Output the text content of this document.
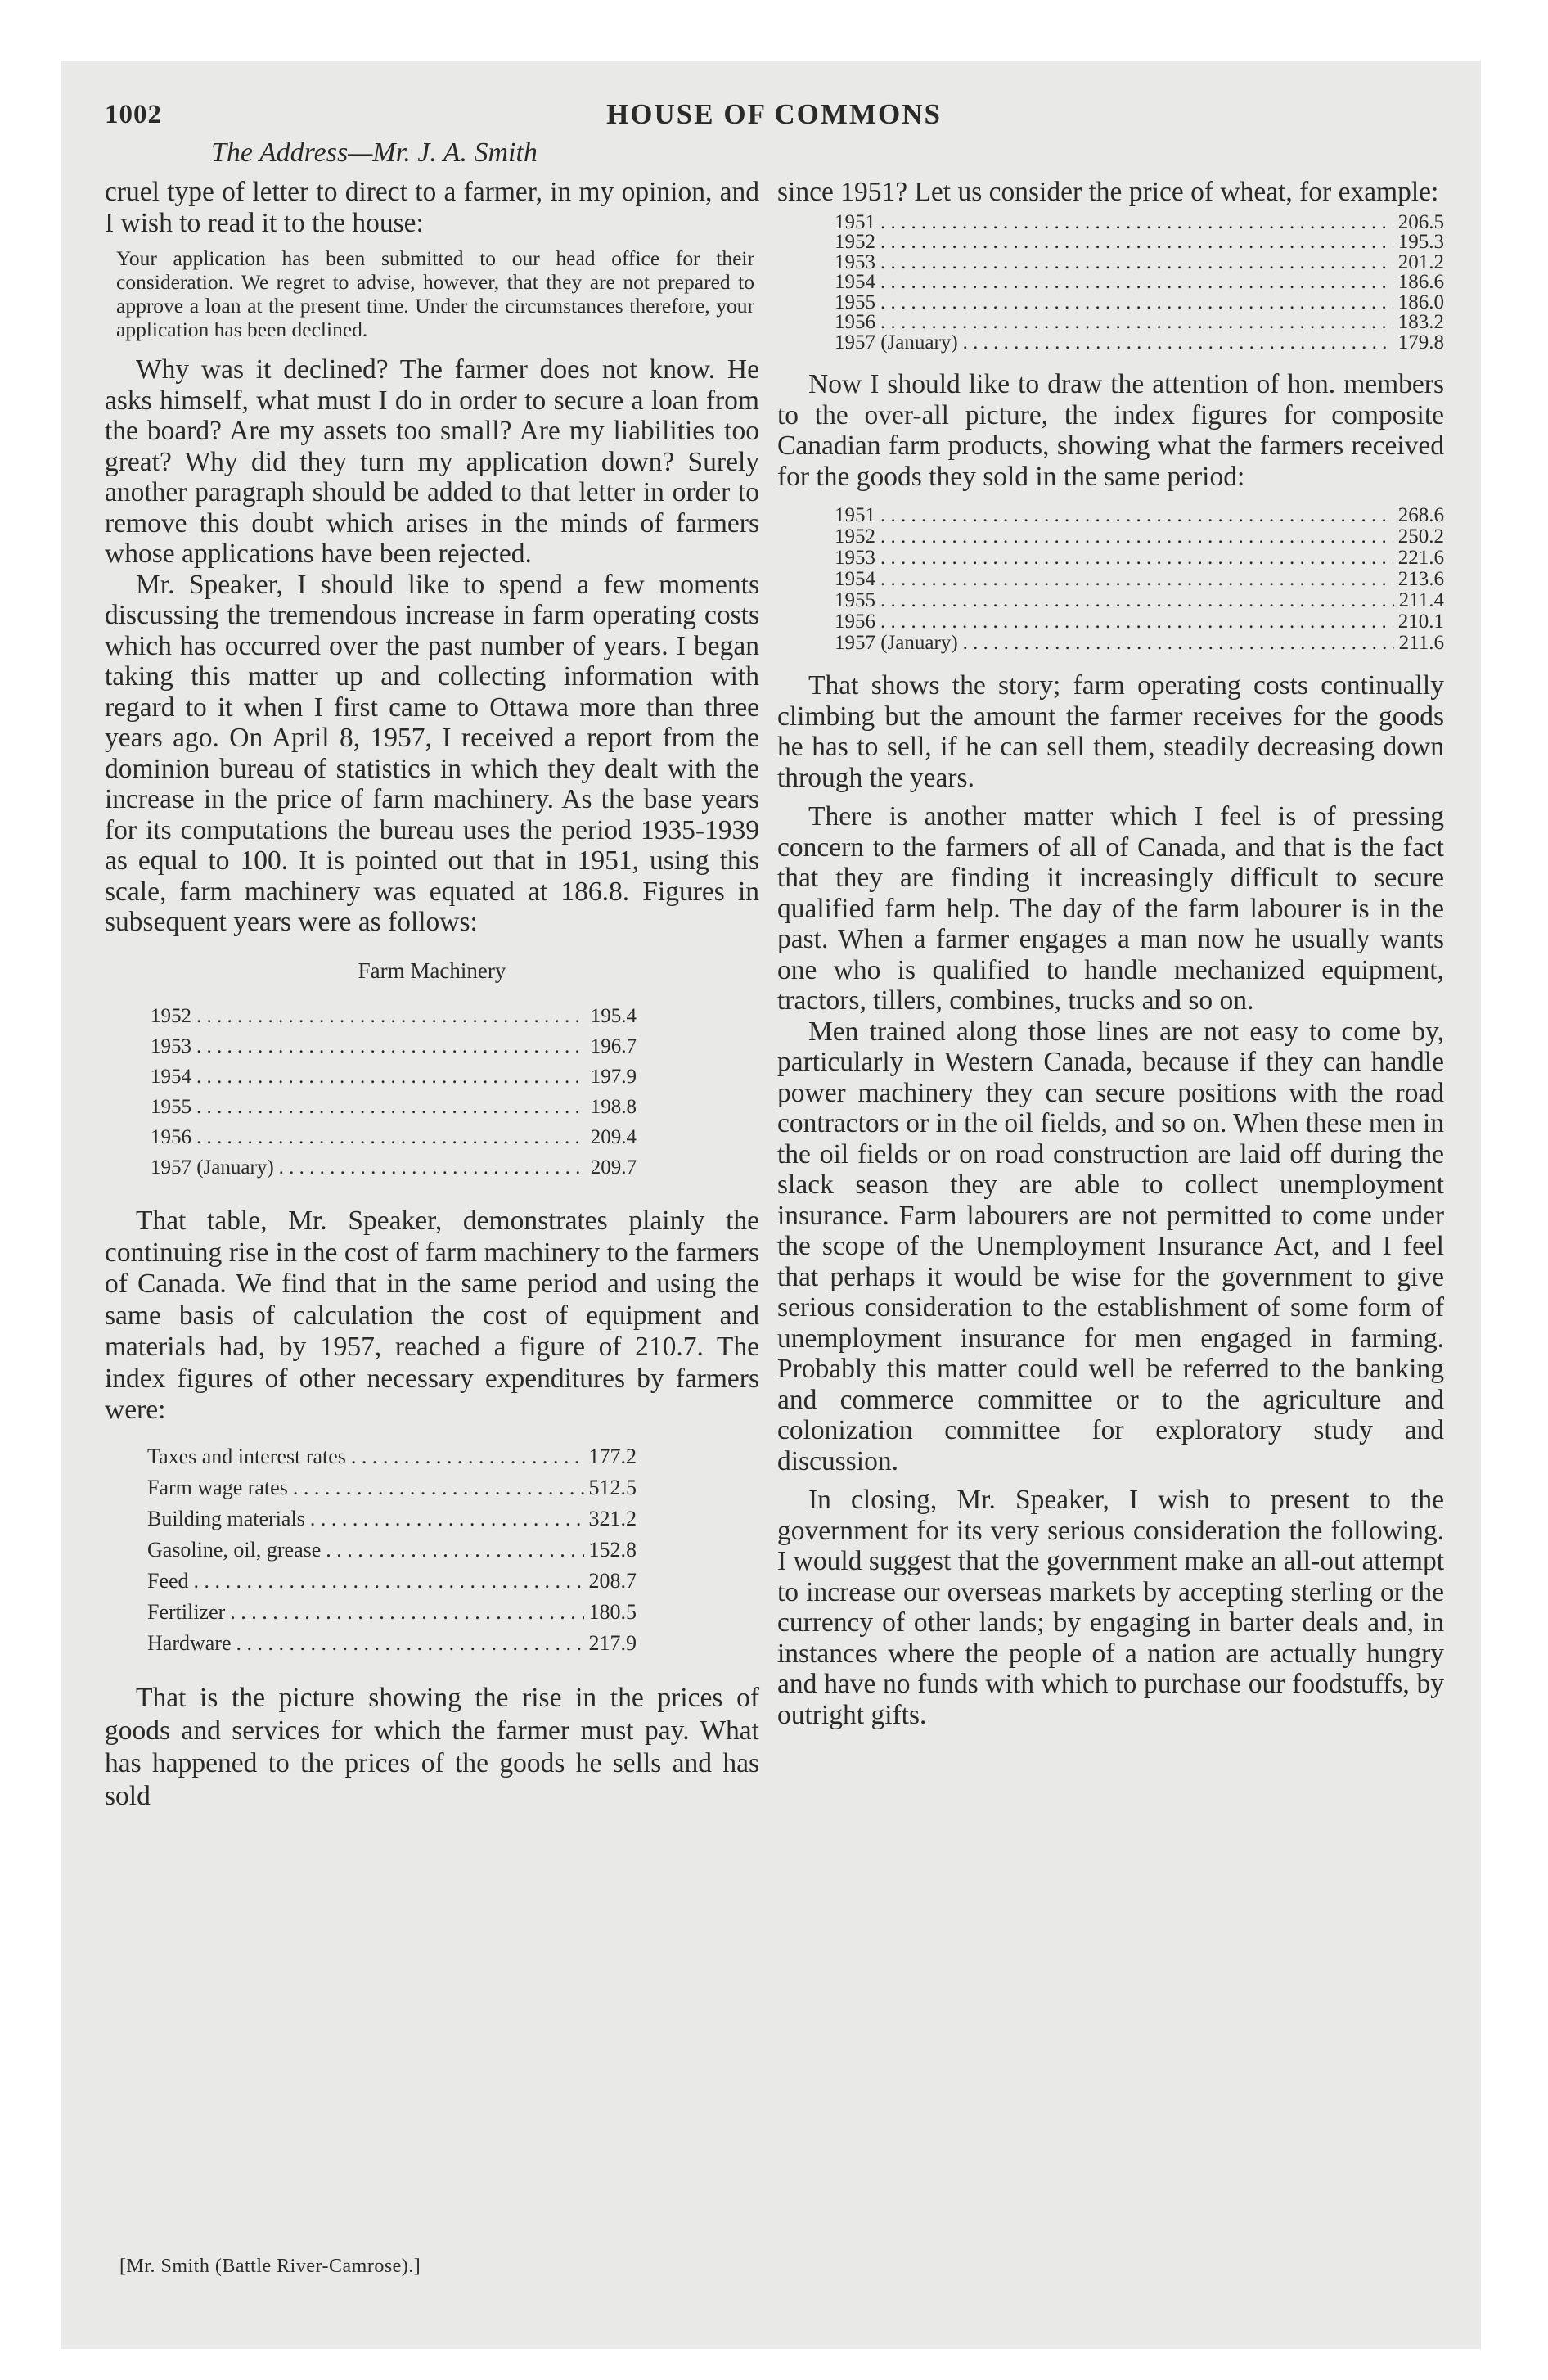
1002	HOUSE OF COMMONS
The Address—Mr. J. A. Smith

cruel type of letter to direct to a farmer, in my opinion, and I wish to read it to the house:

Your application has been submitted to our head office for their consideration. We regret to advise, however, that they are not prepared to approve a loan at the present time. Under the circumstances therefore, your application has been declined.

Why was it declined? The farmer does not know. He asks himself, what must I do in order to secure a loan from the board? Are my assets too small? Are my liabilities too great? Why did they turn my application down? Surely another paragraph should be added to that letter in order to remove this doubt which arises in the minds of farmers whose applications have been rejected.

Mr. Speaker, I should like to spend a few moments discussing the tremendous increase in farm operating costs which has occurred over the past number of years. I began taking this matter up and collecting information with regard to it when I first came to Ottawa more than three years ago. On April 8, 1957, I received a report from the dominion bureau of statistics in which they dealt with the increase in the price of farm machinery. As the base years for its computations the bureau uses the period 1935-1939 as equal to 100. It is pointed out that in 1951, using this scale, farm machinery was equated at 186.8. Figures in subsequent years were as follows:

Farm Machinery
1952 . . .	195.4
1953 . . .	196.7
1954 . . .	197.9
1955 . . .	198.8
1956 . . .	209.4
1957 (January) . . .	209.7

That table, Mr. Speaker, demonstrates plainly the continuing rise in the cost of farm machinery to the farmers of Canada. We find that in the same period and using the same basis of calculation the cost of equipment and materials had, by 1957, reached a figure of 210.7. The index figures of other necessary expenditures by farmers were:

Taxes and interest rates . . .	177.2
Farm wage rates . . .	512.5
Building materials . . .	321.2
Gasoline, oil, grease . . .	152.8
Feed . . .	208.7
Fertilizer . . .	180.5
Hardware . . .	217.9

That is the picture showing the rise in the prices of goods and services for which the farmer must pay. What has happened to the prices of the goods he sells and has sold

since 1951? Let us consider the price of wheat, for example:

1951 . . .	206.5
1952 . . .	195.3
1953 . . .	201.2
1954 . . .	186.6
1955 . . .	186.0
1956 . . .	183.2
1957 (January) . . .	179.8

Now I should like to draw the attention of hon. members to the over-all picture, the index figures for composite Canadian farm products, showing what the farmers received for the goods they sold in the same period:

1951 . . .	268.6
1952 . . .	250.2
1953 . . .	221.6
1954 . . .	213.6
1955 . . .	211.4
1956 . . .	210.1
1957 (January) . . .	211.6

That shows the story; farm operating costs continually climbing but the amount the farmer receives for the goods he has to sell, if he can sell them, steadily decreasing down through the years.

There is another matter which I feel is of pressing concern to the farmers of all of Canada, and that is the fact that they are finding it increasingly difficult to secure qualified farm help. The day of the farm labourer is in the past. When a farmer engages a man now he usually wants one who is qualified to handle mechanized equipment, tractors, tillers, combines, trucks and so on.

Men trained along those lines are not easy to come by, particularly in Western Canada, because if they can handle power machinery they can secure positions with the road contractors or in the oil fields, and so on. When these men in the oil fields or on road construction are laid off during the slack season they are able to collect unemployment insurance. Farm labourers are not permitted to come under the scope of the Unemployment Insurance Act, and I feel that perhaps it would be wise for the government to give serious consideration to the establishment of some form of unemployment insurance for men engaged in farming. Probably this matter could well be referred to the banking and commerce committee or to the agriculture and colonization committee for exploratory study and discussion.

In closing, Mr. Speaker, I wish to present to the government for its very serious consideration the following. I would suggest that the government make an all-out attempt to increase our overseas markets by accepting sterling or the currency of other lands; by engaging in barter deals and, in instances where the people of a nation are actually hungry and have no funds with which to purchase our foodstuffs, by outright gifts.

[Mr. Smith (Battle River-Camrose).]
